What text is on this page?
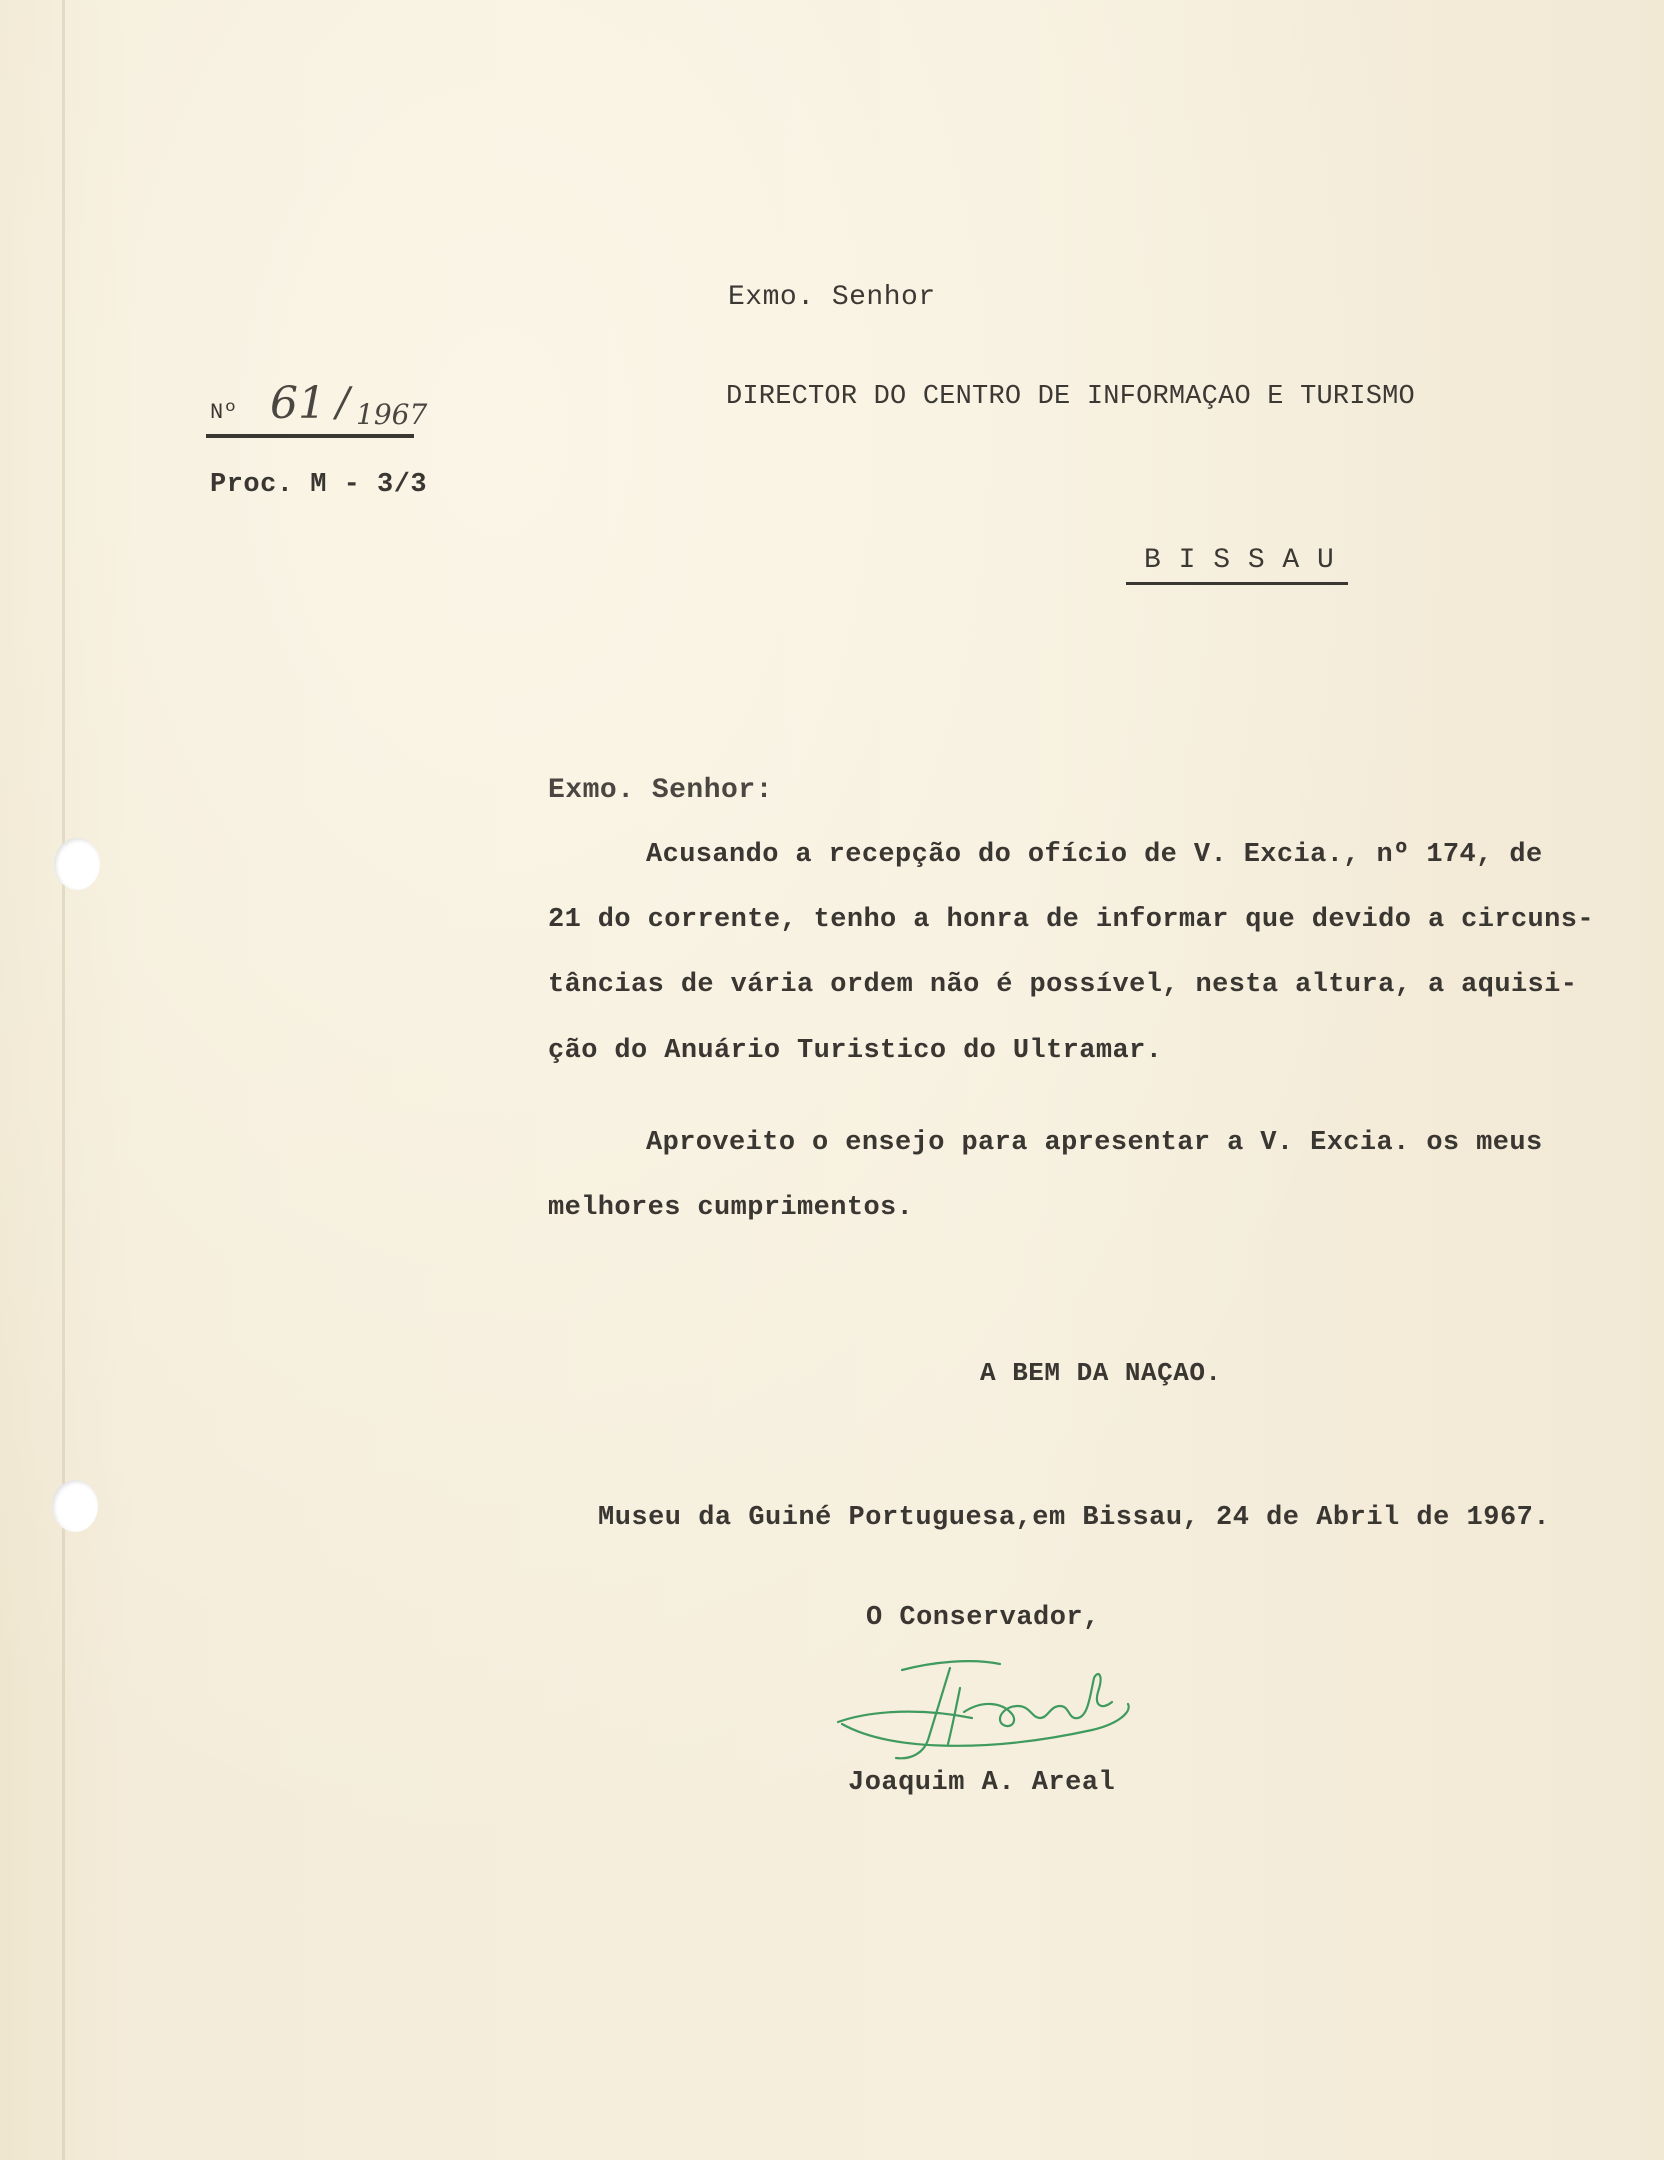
Exmo. Senhor
DIRECTOR DO CENTRO DE INFORMAÇAO E TURISMO
B I S S A U
Nº 61 / 1967
Proc. M - 3/3
Exmo. Senhor:
Acusando a recepção do ofício de V. Excia., nº 174, de
21 do corrente, tenho a honra de informar que devido a circuns-
tâncias de vária ordem não é possível, nesta altura, a aquisi-
ção do Anuário Turistico do Ultramar.
Aproveito o ensejo para apresentar a V. Excia. os meus
melhores cumprimentos.
A BEM DA NAÇAO.
Museu da Guiné Portuguesa,em Bissau, 24 de Abril de 1967.
O Conservador,
Joaquim A. Areal
